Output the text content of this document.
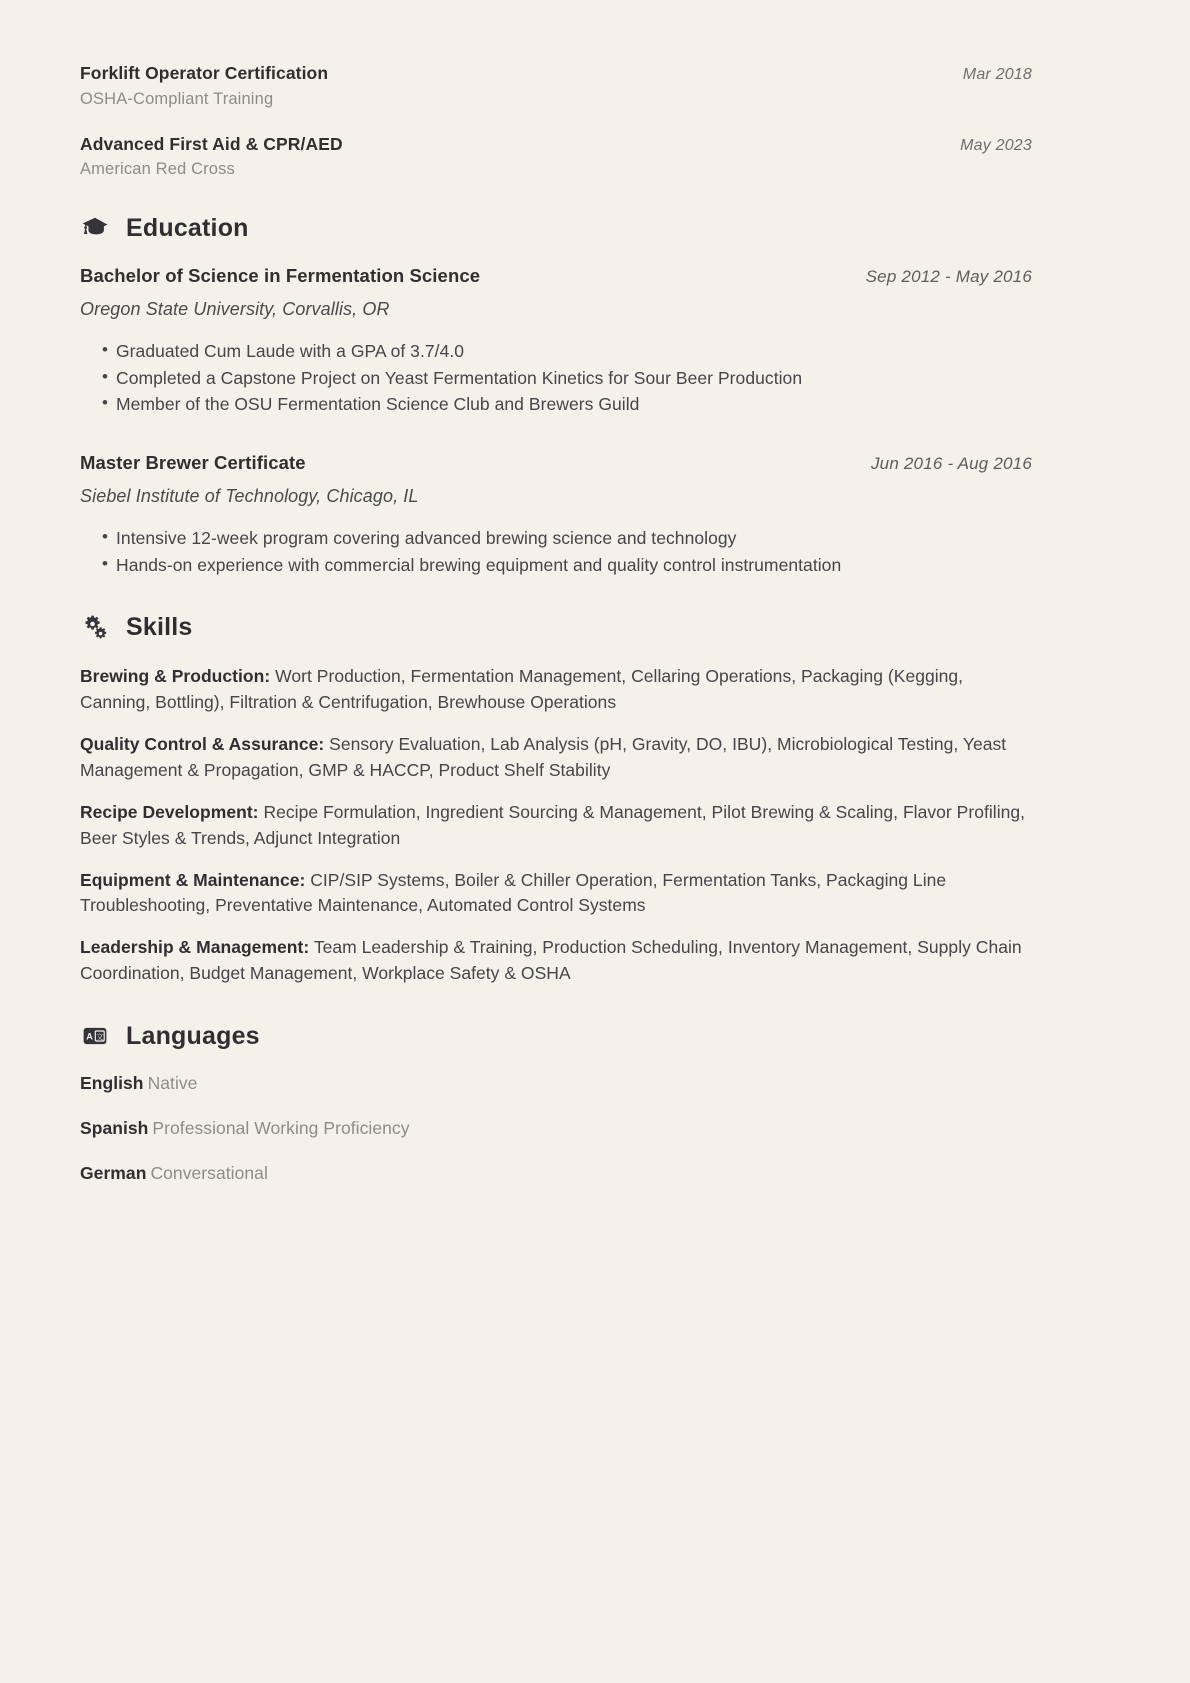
Forklift Operator Certification	Mar 2018
OSHA-Compliant Training
Advanced First Aid & CPR/AED	May 2023
American Red Cross
Education
Bachelor of Science in Fermentation Science	Sep 2012 - May 2016
Oregon State University, Corvallis, OR
• Graduated Cum Laude with a GPA of 3.7/4.0
• Completed a Capstone Project on Yeast Fermentation Kinetics for Sour Beer Production
• Member of the OSU Fermentation Science Club and Brewers Guild
Master Brewer Certificate	Jun 2016 - Aug 2016
Siebel Institute of Technology, Chicago, IL
• Intensive 12-week program covering advanced brewing science and technology
• Hands-on experience with commercial brewing equipment and quality control instrumentation
Skills
Brewing & Production: Wort Production, Fermentation Management, Cellaring Operations, Packaging (Kegging, Canning, Bottling), Filtration & Centrifugation, Brewhouse Operations
Quality Control & Assurance: Sensory Evaluation, Lab Analysis (pH, Gravity, DO, IBU), Microbiological Testing, Yeast Management & Propagation, GMP & HACCP, Product Shelf Stability
Recipe Development: Recipe Formulation, Ingredient Sourcing & Management, Pilot Brewing & Scaling, Flavor Profiling, Beer Styles & Trends, Adjunct Integration
Equipment & Maintenance: CIP/SIP Systems, Boiler & Chiller Operation, Fermentation Tanks, Packaging Line Troubleshooting, Preventative Maintenance, Automated Control Systems
Leadership & Management: Team Leadership & Training, Production Scheduling, Inventory Management, Supply Chain Coordination, Budget Management, Workplace Safety & OSHA
A 文 Languages
English Native
Spanish Professional Working Proficiency
German Conversational
